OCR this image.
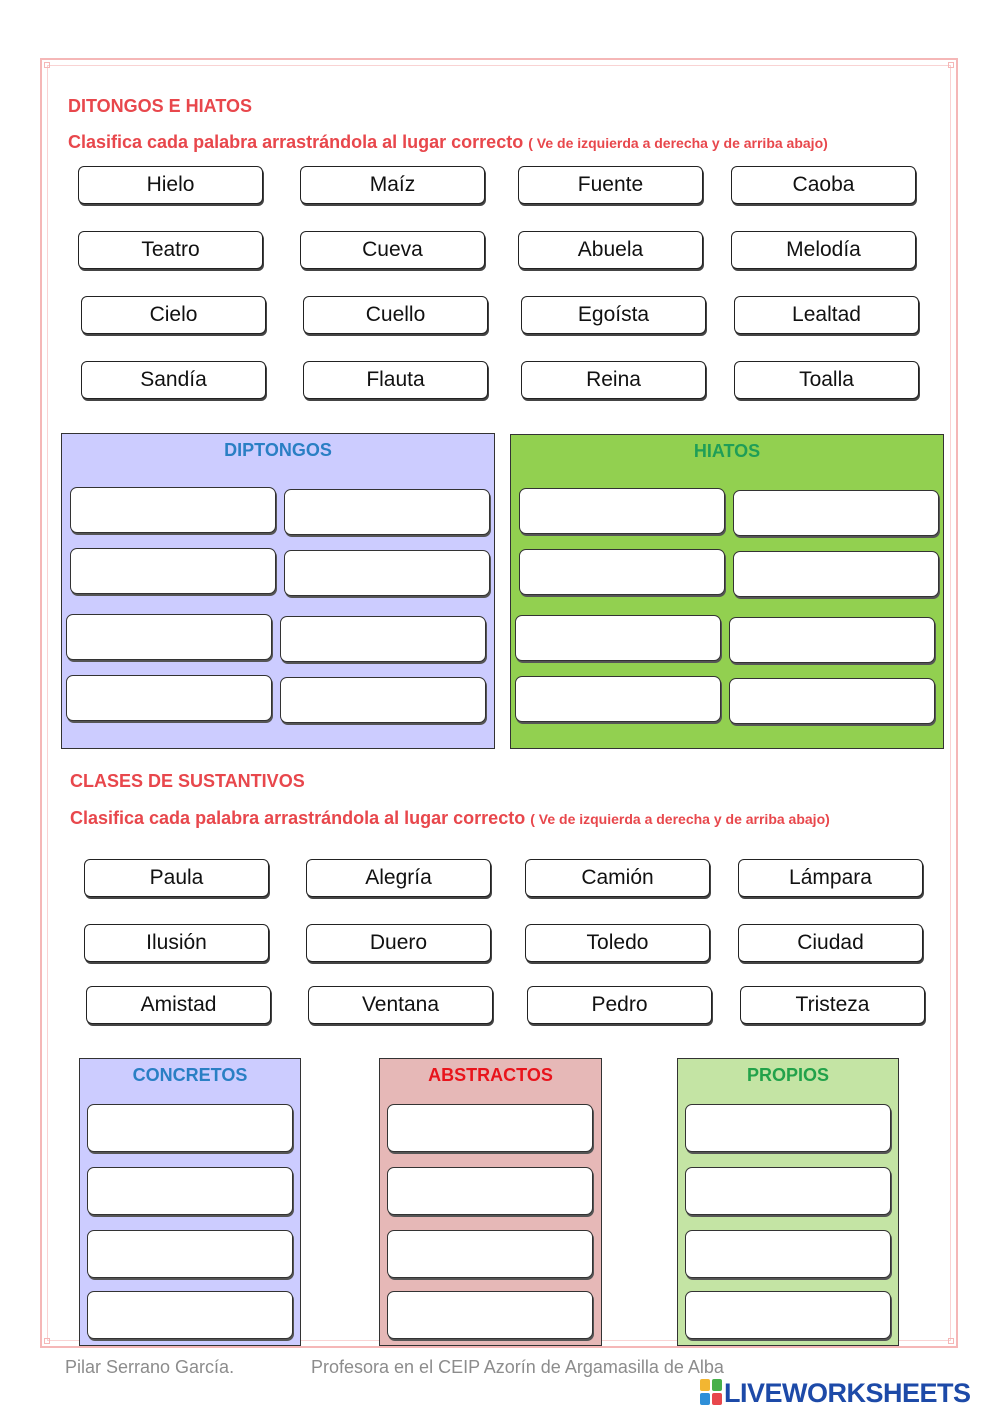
DITONGOS E HIATOS
Clasifica cada palabra arrastrándola al lugar correcto ( Ve de izquierda a derecha y de arriba abajo)
Hielo	Maíz	Fuente	Caoba
Teatro	Cueva	Abuela	Melodía
Cielo	Cuello	Egoísta	Lealtad
Sandía	Flauta	Reina	Toalla
DIPTONGOS	HIATOS
CLASES DE SUSTANTIVOS
Clasifica cada palabra arrastrándola al lugar correcto ( Ve de izquierda a derecha y de arriba abajo)
Paula	Alegría	Camión	Lámpara
Ilusión	Duero	Toledo	Ciudad
Amistad	Ventana	Pedro	Tristeza
CONCRETOS	ABSTRACTOS	PROPIOS
Pilar Serrano García.	Profesora en el CEIP Azorín de Argamasilla de Alba
LIVEWORKSHEETS
